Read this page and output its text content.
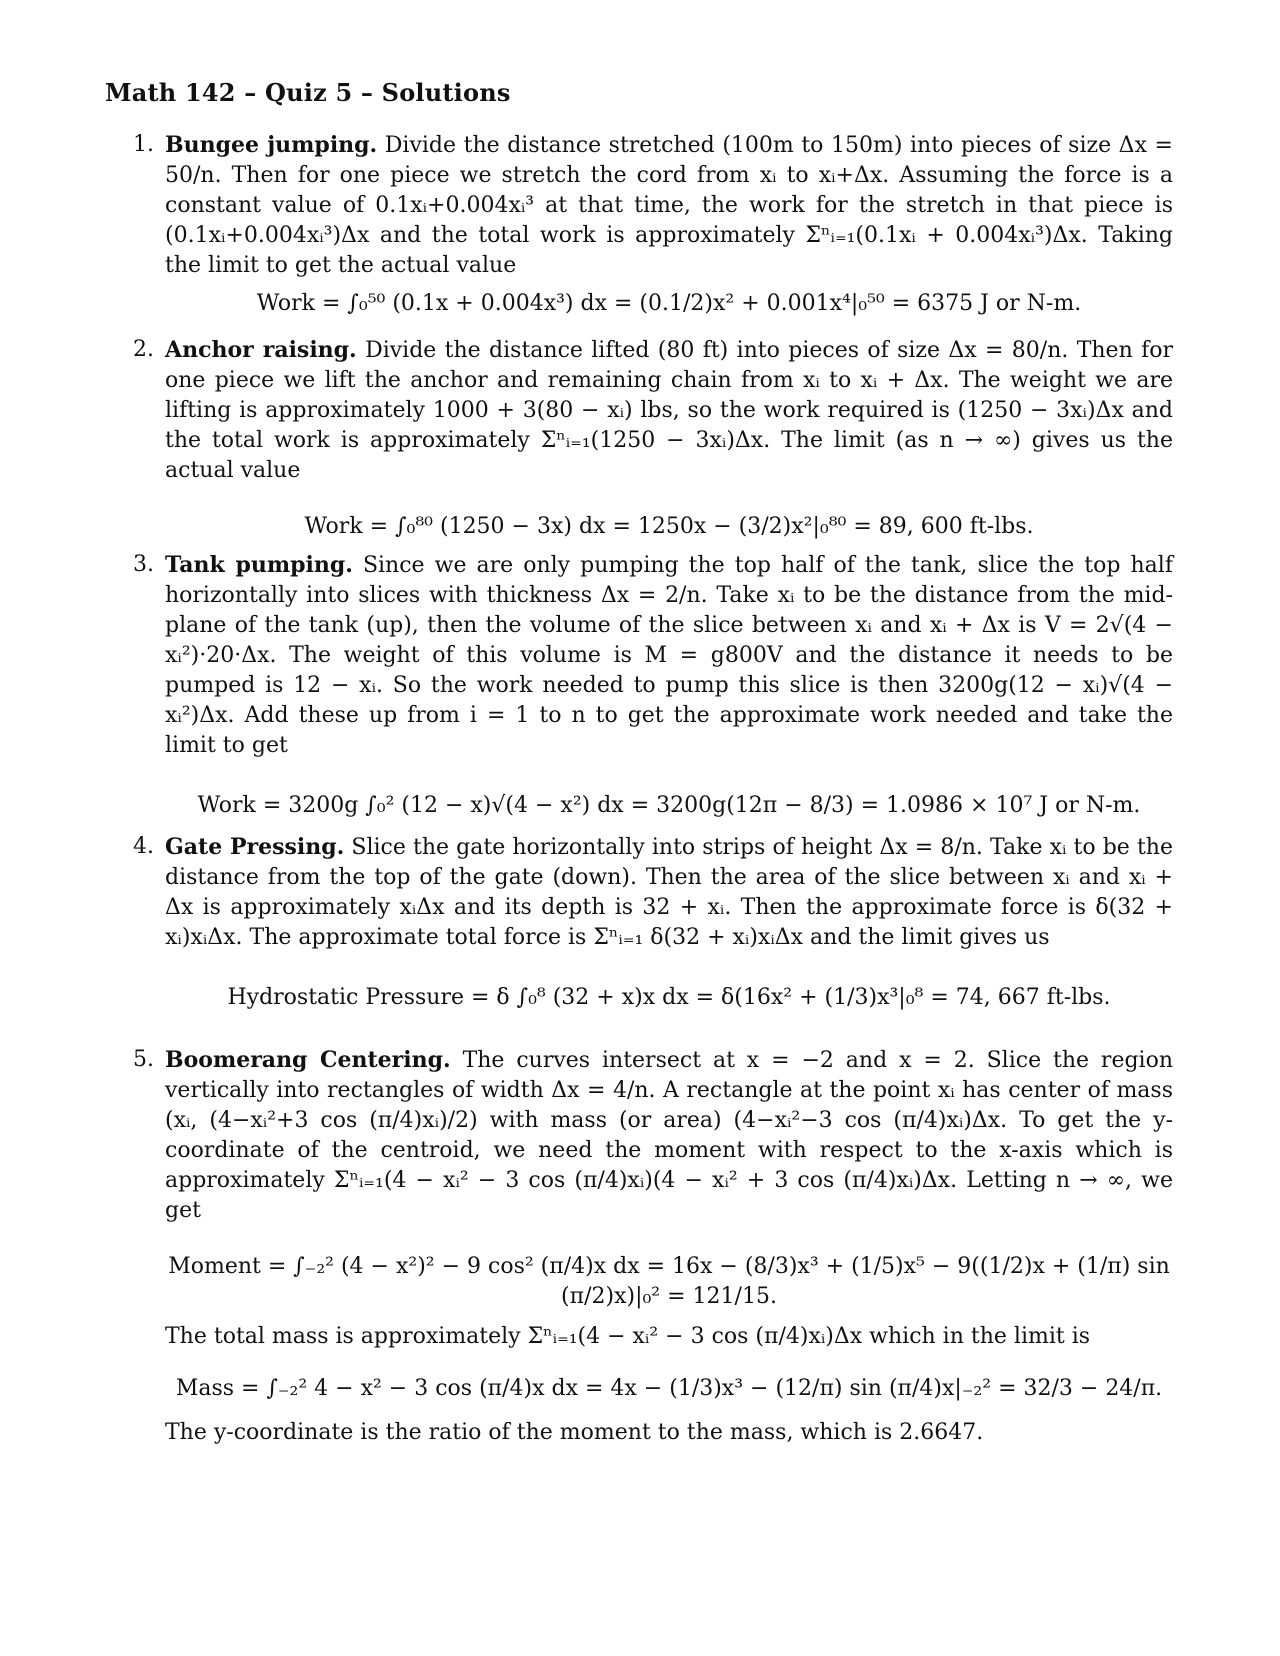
Math 142 – Quiz 5 – Solutions
1. Bungee jumping. Divide the distance stretched (100m to 150m) into pieces of size Δx = 50/n. Then for one piece we stretch the cord from xᵢ to xᵢ+Δx. Assuming the force is a constant value of 0.1xᵢ+0.004xᵢ³ at that time, the work for the stretch in that piece is (0.1xᵢ+0.004xᵢ³)Δx and the total work is approximately Σⁿᵢ₌₁(0.1xᵢ + 0.004xᵢ³)Δx. Taking the limit to get the actual value
Work = ∫₀⁵⁰ (0.1x + 0.004x³) dx = (0.1/2)x² + 0.001x⁴|₀⁵⁰ = 6375 J or N-m.
2. Anchor raising. Divide the distance lifted (80 ft) into pieces of size Δx = 80/n. Then for one piece we lift the anchor and remaining chain from xᵢ to xᵢ + Δx. The weight we are lifting is approximately 1000 + 3(80 − xᵢ) lbs, so the work required is (1250 − 3xᵢ)Δx and the total work is approximately Σⁿᵢ₌₁(1250 − 3xᵢ)Δx. The limit (as n → ∞) gives us the actual value
Work = ∫₀⁸⁰ (1250 − 3x) dx = 1250x − (3/2)x²|₀⁸⁰ = 89, 600 ft-lbs.
3. Tank pumping. Since we are only pumping the top half of the tank, slice the top half horizontally into slices with thickness Δx = 2/n. Take xᵢ to be the distance from the mid-plane of the tank (up), then the volume of the slice between xᵢ and xᵢ + Δx is V = 2√(4 − xᵢ²)·20·Δx. The weight of this volume is M = g800V and the distance it needs to be pumped is 12 − xᵢ. So the work needed to pump this slice is then 3200g(12 − xᵢ)√(4 − xᵢ²)Δx. Add these up from i = 1 to n to get the approximate work needed and take the limit to get
Work = 3200g ∫₀² (12 − x)√(4 − x²) dx = 3200g(12π − 8/3) = 1.0986 × 10⁷ J or N-m.
4. Gate Pressing. Slice the gate horizontally into strips of height Δx = 8/n. Take xᵢ to be the distance from the top of the gate (down). Then the area of the slice between xᵢ and xᵢ + Δx is approximately xᵢΔx and its depth is 32 + xᵢ. Then the approximate force is δ(32 + xᵢ)xᵢΔx. The approximate total force is Σⁿᵢ₌₁ δ(32 + xᵢ)xᵢΔx and the limit gives us
Hydrostatic Pressure = δ ∫₀⁸ (32 + x)x dx = δ(16x² + (1/3)x³|₀⁸ = 74, 667 ft-lbs.
5. Boomerang Centering. The curves intersect at x = −2 and x = 2. Slice the region vertically into rectangles of width Δx = 4/n. A rectangle at the point xᵢ has center of mass (xᵢ, (4−xᵢ²+3 cos (π/4)xᵢ)/2) with mass (or area) (4−xᵢ²−3 cos (π/4)xᵢ)Δx. To get the y-coordinate of the centroid, we need the moment with respect to the x-axis which is approximately Σⁿᵢ₌₁(4 − xᵢ² − 3 cos (π/4)xᵢ)(4 − xᵢ² + 3 cos (π/4)xᵢ)Δx. Letting n → ∞, we get
Moment = ∫₋₂² (4 − x²)² − 9 cos² (π/4)x dx = 16x − (8/3)x³ + (1/5)x⁵ − 9((1/2)x + (1/π) sin (π/2)x)|₀² = 121/15.
The total mass is approximately Σⁿᵢ₌₁(4 − xᵢ² − 3 cos (π/4)xᵢ)Δx which in the limit is
Mass = ∫₋₂² 4 − x² − 3 cos (π/4)x dx = 4x − (1/3)x³ − (12/π) sin (π/4)x|₋₂² = 32/3 − 24/π.
The y-coordinate is the ratio of the moment to the mass, which is 2.6647.
